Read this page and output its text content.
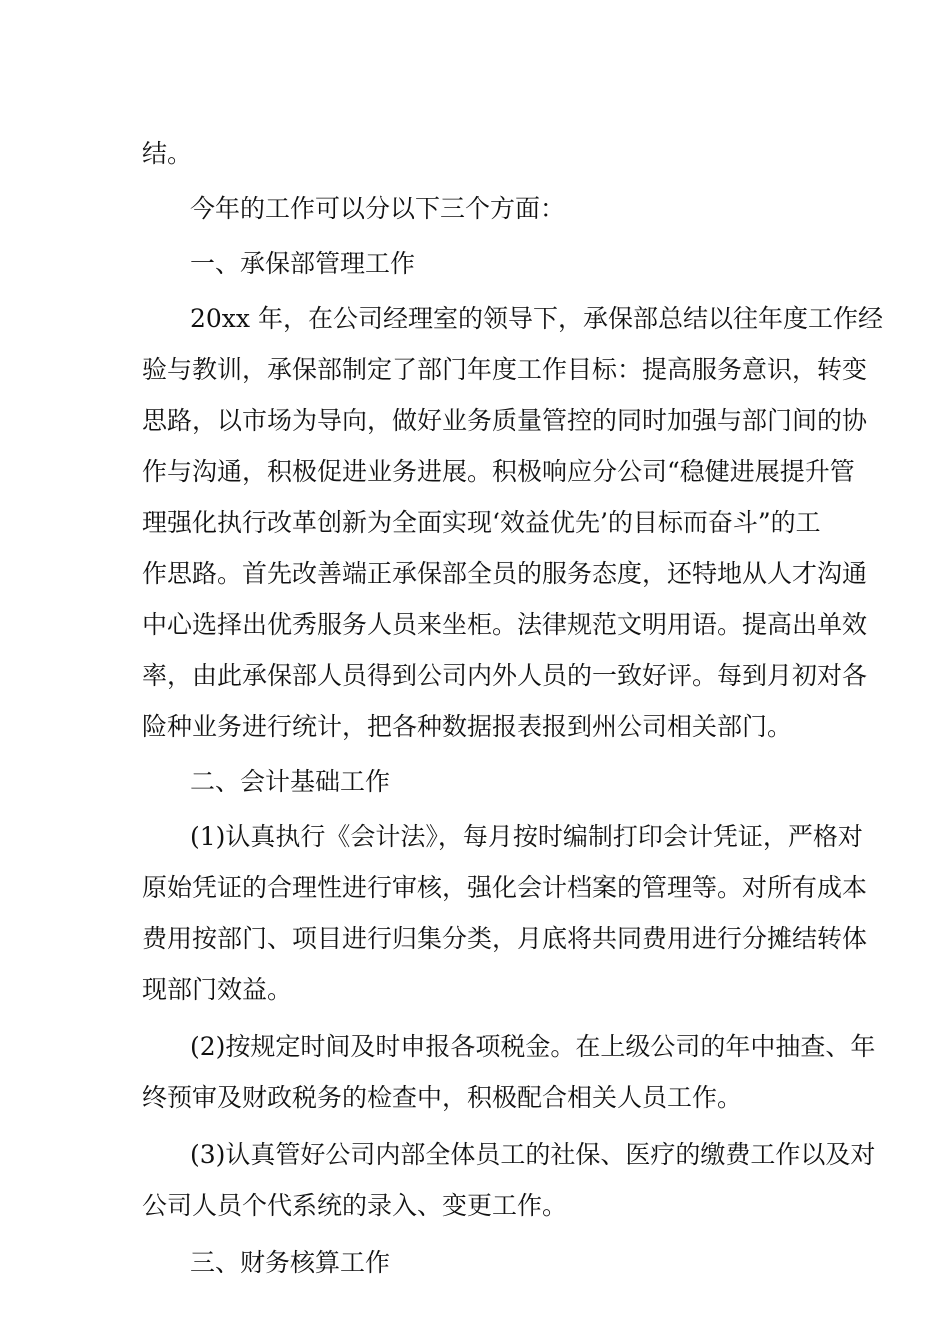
结。
今年的工作可以分以下三个方面：
一、承保部管理工作
20xx 年，在公司经理室的领导下，承保部总结以往年度工作经
验与教训，承保部制定了部门年度工作目标：提高服务意识，转变
思路，以市场为导向，做好业务质量管控的同时加强与部门间的协
作与沟通，积极促进业务进展。积极响应分公司“稳健进展提升管
理强化执行改革创新为全面实现‘效益优先’的目标而奋斗”的工
作思路。首先改善端正承保部全员的服务态度，还特地从人才沟通
中心选择出优秀服务人员来坐柜。法律规范文明用语。提高出单效
率，由此承保部人员得到公司内外人员的一致好评。每到月初对各
险种业务进行统计，把各种数据报表报到州公司相关部门。
二、会计基础工作
(1)认真执行《会计法》，每月按时编制打印会计凭证，严格对
原始凭证的合理性进行审核，强化会计档案的管理等。对所有成本
费用按部门、项目进行归集分类，月底将共同费用进行分摊结转体
现部门效益。
(2)按规定时间及时申报各项税金。在上级公司的年中抽查、年
终预审及财政税务的检查中，积极配合相关人员工作。
(3)认真管好公司内部全体员工的社保、医疗的缴费工作以及对
公司人员个代系统的录入、变更工作。
三、财务核算工作
